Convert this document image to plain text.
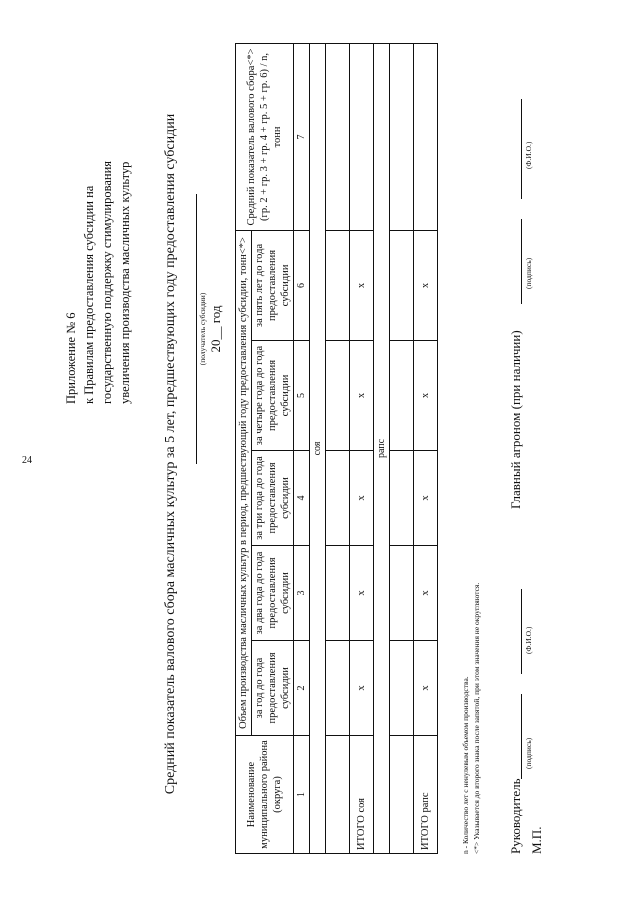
24
Приложение № 6 к Правилам предоставления субсидии на государственную поддержку стимулирования увеличения производства масличных культур Средний показатель валового сбора масличных культур за 5 лет, предшествующих году предоставления субсидии	(получатель субсидии) 20__ год
Наименование муниципального района (округа)	Объем производства масличных культур в период, предшествующий году предоставления субсидии, тонн<*>					Средний показатель валового сбора<*> (гр. 2 + гр. 3 + гр. 4 + гр. 5 + гр. 6) / n, тонн
	за год до года предоставления субсидии	за два года до года предоставления субсидии	за три года до года предоставления субсидии	за четыре года до года предоставления субсидии	за пять лет до года предоставления субсидии	
1	2	3	4	5	6	7
соя						

ИТОГО соя	x	x	x	x	x	
рапс						

ИТОГО рапс	x	x	x	x	x	
n - Количество лет с ненулевым объемом производства. <*> Указывается до второго знака после запятой, при этом значения не округляются. Руководитель
(подпись)
(Ф.И.О.)
М.П.
Главный агроном (при наличии)
(подпись)
(Ф.И.О.)
